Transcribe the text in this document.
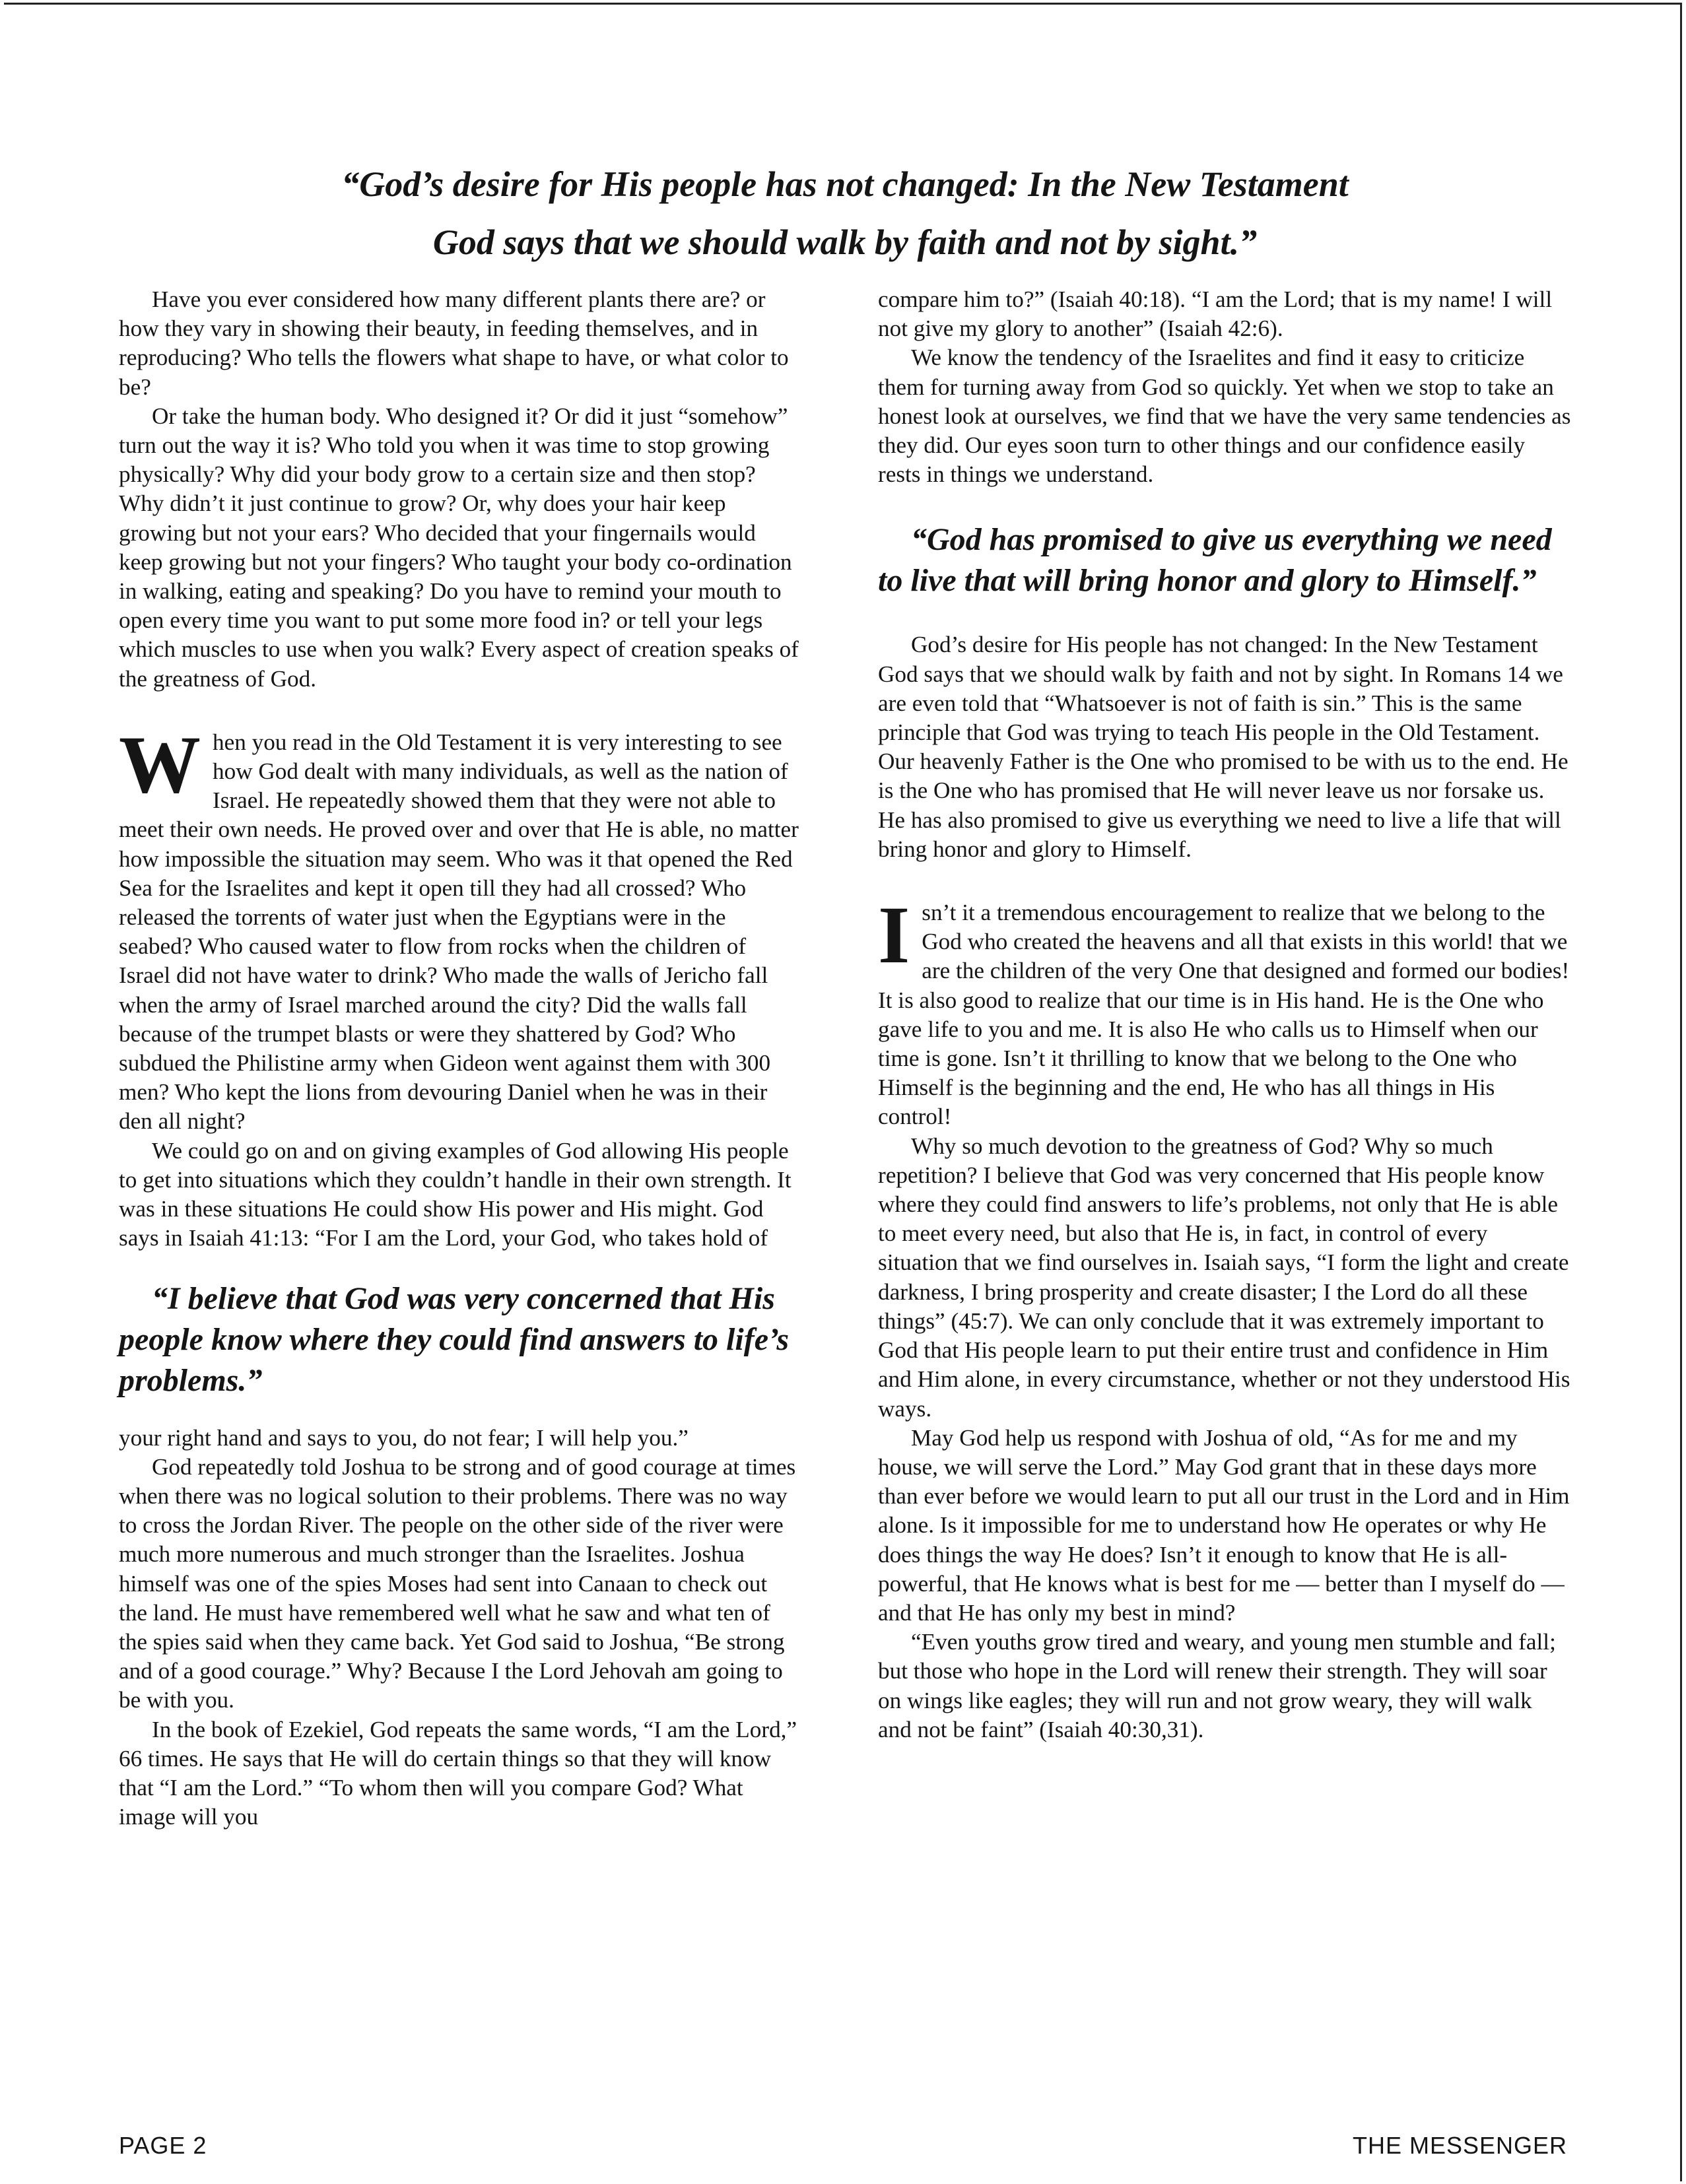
“God’s desire for His people has not changed: In the New Testament
God says that we should walk by faith and not by sight.”

Have you ever considered how many different plants there are? or how they vary in showing their beauty, in feeding themselves, and in reproducing? Who tells the flowers what shape to have, or what color to be?

Or take the human body. Who designed it? Or did it just “somehow” turn out the way it is? Who told you when it was time to stop growing physically? Why did your body grow to a certain size and then stop? Why didn’t it just continue to grow? Or, why does your hair keep growing but not your ears? Who decided that your fingernails would keep growing but not your fingers? Who taught your body co-ordination in walking, eating and speaking? Do you have to remind your mouth to open every time you want to put some more food in? or tell your legs which muscles to use when you walk? Every aspect of creation speaks of the greatness of God.

When you read in the Old Testament it is very interesting to see how God dealt with many individuals, as well as the nation of Israel. He repeatedly showed them that they were not able to meet their own needs. He proved over and over that He is able, no matter how impossible the situation may seem. Who was it that opened the Red Sea for the Israelites and kept it open till they had all crossed? Who released the torrents of water just when the Egyptians were in the seabed? Who caused water to flow from rocks when the children of Israel did not have water to drink? Who made the walls of Jericho fall when the army of Israel marched around the city? Did the walls fall because of the trumpet blasts or were they shattered by God? Who subdued the Philistine army when Gideon went against them with 300 men? Who kept the lions from devouring Daniel when he was in their den all night?

We could go on and on giving examples of God allowing His people to get into situations which they couldn’t handle in their own strength. It was in these situations He could show His power and His might. God says in Isaiah 41:13: “For I am the Lord, your God, who takes hold of

“I believe that God was very concerned that His people know where they could find answers to life’s problems.”

your right hand and says to you, do not fear; I will help you.”

God repeatedly told Joshua to be strong and of good courage at times when there was no logical solution to their problems. There was no way to cross the Jordan River. The people on the other side of the river were much more numerous and much stronger than the Israelites. Joshua himself was one of the spies Moses had sent into Canaan to check out the land. He must have remembered well what he saw and what ten of the spies said when they came back. Yet God said to Joshua, “Be strong and of a good courage.” Why? Because I the Lord Jehovah am going to be with you.

In the book of Ezekiel, God repeats the same words, “I am the Lord,” 66 times. He says that He will do certain things so that they will know that “I am the Lord.” “To whom then will you compare God? What image will you

compare him to?” (Isaiah 40:18). “I am the Lord; that is my name! I will not give my glory to another” (Isaiah 42:6).

We know the tendency of the Israelites and find it easy to criticize them for turning away from God so quickly. Yet when we stop to take an honest look at ourselves, we find that we have the very same tendencies as they did. Our eyes soon turn to other things and our confidence easily rests in things we understand.

“God has promised to give us everything we need to live that will bring honor and glory to Himself.”

God’s desire for His people has not changed: In the New Testament God says that we should walk by faith and not by sight. In Romans 14 we are even told that “Whatsoever is not of faith is sin.” This is the same principle that God was trying to teach His people in the Old Testament. Our heavenly Father is the One who promised to be with us to the end. He is the One who has promised that He will never leave us nor forsake us. He has also promised to give us everything we need to live a life that will bring honor and glory to Himself.

Isn’t it a tremendous encouragement to realize that we belong to the God who created the heavens and all that exists in this world! that we are the children of the very One that designed and formed our bodies! It is also good to realize that our time is in His hand. He is the One who gave life to you and me. It is also He who calls us to Himself when our time is gone. Isn’t it thrilling to know that we belong to the One who Himself is the beginning and the end, He who has all things in His control!

Why so much devotion to the greatness of God? Why so much repetition? I believe that God was very concerned that His people know where they could find answers to life’s problems, not only that He is able to meet every need, but also that He is, in fact, in control of every situation that we find ourselves in. Isaiah says, “I form the light and create darkness, I bring prosperity and create disaster; I the Lord do all these things” (45:7). We can only conclude that it was extremely important to God that His people learn to put their entire trust and confidence in Him and Him alone, in every circumstance, whether or not they understood His ways.

May God help us respond with Joshua of old, “As for me and my house, we will serve the Lord.” May God grant that in these days more than ever before we would learn to put all our trust in the Lord and in Him alone. Is it impossible for me to understand how He operates or why He does things the way He does? Isn’t it enough to know that He is all-powerful, that He knows what is best for me — better than I myself do — and that He has only my best in mind?

“Even youths grow tired and weary, and young men stumble and fall; but those who hope in the Lord will renew their strength. They will soar on wings like eagles; they will run and not grow weary, they will walk and not be faint” (Isaiah 40:30,31).

PAGE 2	THE MESSENGER
